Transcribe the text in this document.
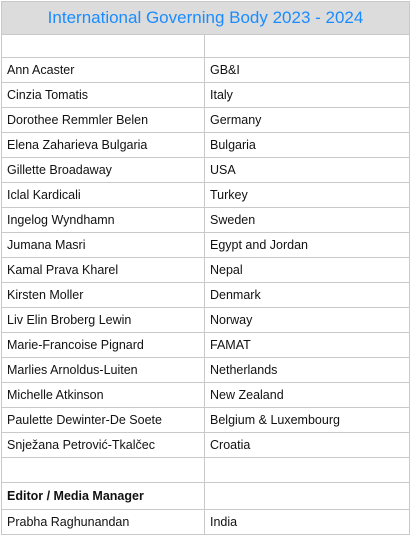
International Governing Body 2023 - 2024	

Ann Acaster	GB&I
Cinzia Tomatis	Italy
Dorothee Remmler Belen	Germany
Elena Zaharieva Bulgaria	Bulgaria
Gillette Broadaway	USA
Iclal Kardicali	Turkey
Ingelog Wyndhamn	Sweden
Jumana Masri	Egypt and Jordan
Kamal Prava Kharel	Nepal
Kirsten Moller	Denmark
Liv Elin Broberg Lewin	Norway
Marie-Francoise Pignard	FAMAT
Marlies Arnoldus-Luiten	Netherlands
Michelle Atkinson	New Zealand
Paulette Dewinter-De Soete	Belgium & Luxembourg
Snježana Petrović-Tkalčec	Croatia

Editor / Media Manager	
Prabha Raghunandan	India
